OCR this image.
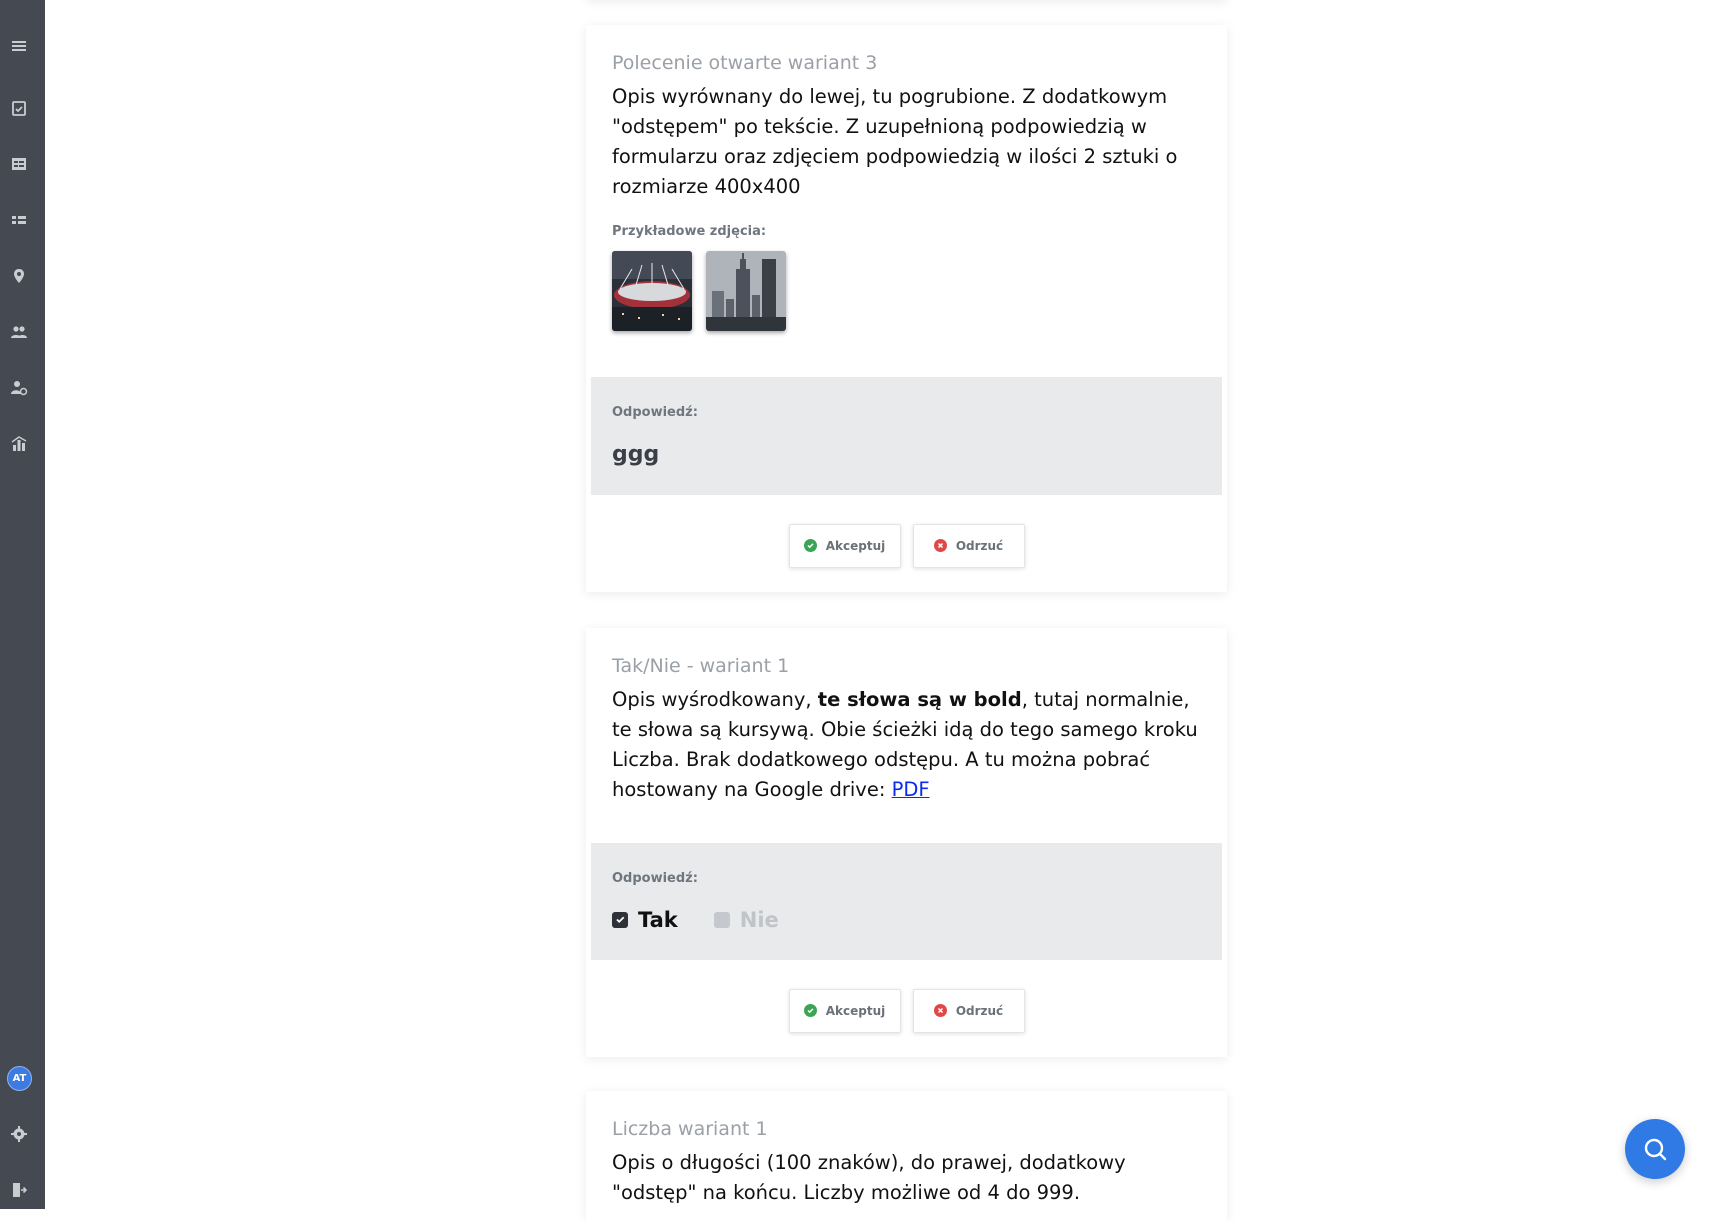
AT

Polecenie otwarte wariant 3

Opis wyrównany do lewej, tu pogrubione. Z dodatkowym "odstępem" po tekście. Z uzupełnioną podpowiedzią w formularzu oraz zdjęciem podpowiedzią w ilości 2 sztuki o rozmiarze 400x400

Przykładowe zdjęcia:

Odpowiedź:

ggg

Akceptuj	Odrzuć

Tak/Nie - wariant 1

Opis wyśrodkowany, te słowa są w bold, tutaj normalnie, te słowa są kursywą. Obie ścieżki idą do tego samego kroku Liczba. Brak dodatkowego odstępu. A tu można pobrać hostowany na Google drive: PDF

Odpowiedź:

Tak	Nie
Akceptuj	Odrzuć

Liczba wariant 1

Opis o długości (100 znaków), do prawej, dodatkowy "odstęp" na końcu. Liczby możliwe od 4 do 999.
